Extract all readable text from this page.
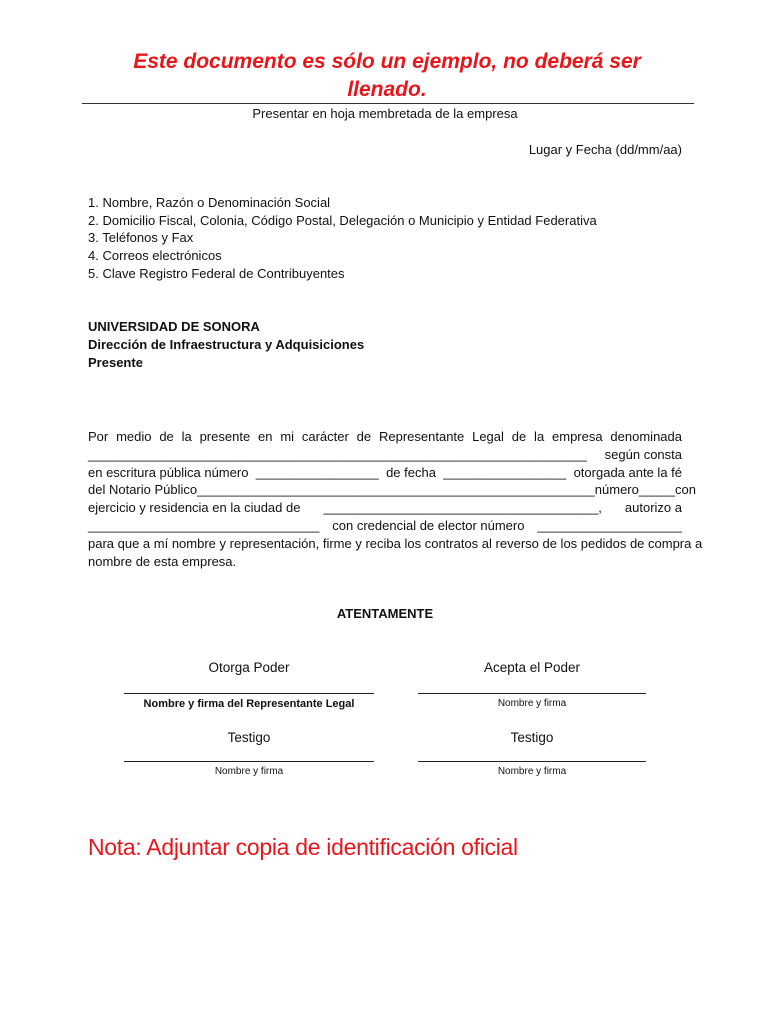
Este documento es sólo un ejemplo, no deberá ser
llenado.
Presentar en hoja membretada de la empresa
Lugar y Fecha (dd/mm/aa)
1. Nombre, Razón o Denominación Social
2. Domicilio Fiscal, Colonia, Código Postal, Delegación o Municipio y Entidad Federativa
3. Teléfonos y Fax
4. Correos electrónicos
5. Clave Registro Federal de Contribuyentes
UNIVERSIDAD DE SONORA
Dirección de Infraestructura y Adquisiciones
Presente
Por medio de la presente en mi carácter de Representante Legal de la empresa denominada
_____________________________________________________________________ según consta
en escritura pública número _________________ de fecha _________________ otorgada ante la fé
del Notario Público _______________________________________________________ número _____ con
ejercicio y residencia en la ciudad de ______________________________________, autorizo a
________________________________ con credencial de elector número ____________________
para que a mí nombre y representación, firme y reciba los contratos al reverso de los pedidos de compra a
nombre de esta empresa.
ATENTAMENTE
Otorga Poder
Nombre y firma del Representante Legal
Acepta el Poder
Nombre y firma
Testigo
Nombre y firma
Testigo
Nombre y firma
Nota: Adjuntar copia de identificación oficial
